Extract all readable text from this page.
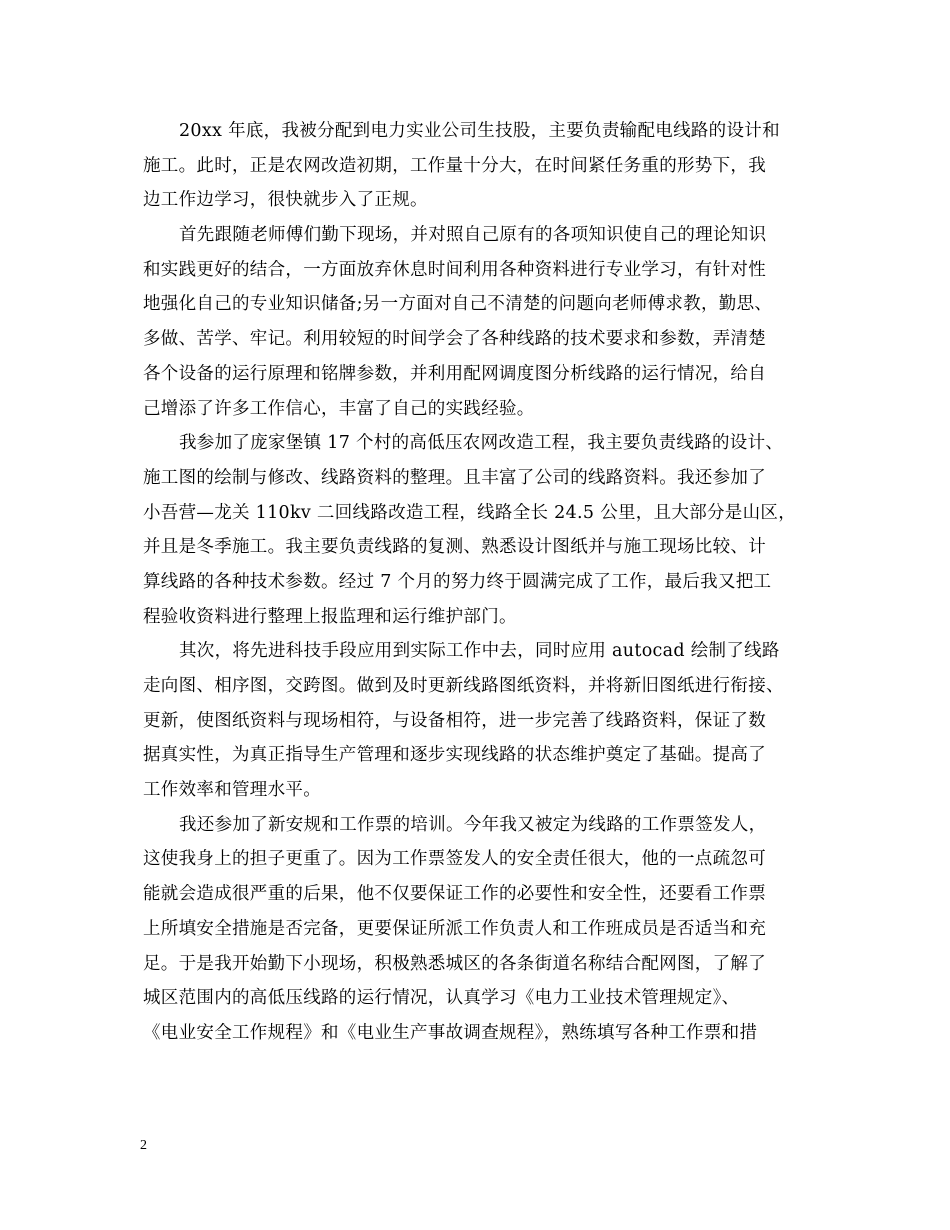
20xx 年底，我被分配到电力实业公司生技股，主要负责输配电线路的设计和
施工。此时，正是农网改造初期，工作量十分大，在时间紧任务重的形势下，我
边工作边学习，很快就步入了正规。
首先跟随老师傅们勤下现场，并对照自己原有的各项知识使自己的理论知识
和实践更好的结合，一方面放弃休息时间利用各种资料进行专业学习，有针对性
地强化自己的专业知识储备;另一方面对自己不清楚的问题向老师傅求教，勤思、
多做、苦学、牢记。利用较短的时间学会了各种线路的技术要求和参数，弄清楚
各个设备的运行原理和铭牌参数，并利用配网调度图分析线路的运行情况，给自
己增添了许多工作信心，丰富了自己的实践经验。
我参加了庞家堡镇 17 个村的高低压农网改造工程，我主要负责线路的设计、
施工图的绘制与修改、线路资料的整理。且丰富了公司的线路资料。我还参加了
小吾营—龙关 110kv 二回线路改造工程，线路全长 24.5 公里，且大部分是山区，
并且是冬季施工。我主要负责线路的复测、熟悉设计图纸并与施工现场比较、计
算线路的各种技术参数。经过 7 个月的努力终于圆满完成了工作，最后我又把工
程验收资料进行整理上报监理和运行维护部门。
其次，将先进科技手段应用到实际工作中去，同时应用 autocad 绘制了线路
走向图、相序图，交跨图。做到及时更新线路图纸资料，并将新旧图纸进行衔接、
更新，使图纸资料与现场相符，与设备相符，进一步完善了线路资料，保证了数
据真实性，为真正指导生产管理和逐步实现线路的状态维护奠定了基础。提高了
工作效率和管理水平。
我还参加了新安规和工作票的培训。今年我又被定为线路的工作票签发人，
这使我身上的担子更重了。因为工作票签发人的安全责任很大，他的一点疏忽可
能就会造成很严重的后果，他不仅要保证工作的必要性和安全性，还要看工作票
上所填安全措施是否完备，更要保证所派工作负责人和工作班成员是否适当和充
足。于是我开始勤下小现场，积极熟悉城区的各条街道名称结合配网图，了解了
城区范围内的高低压线路的运行情况，认真学习《电力工业技术管理规定》、
《电业安全工作规程》和《电业生产事故调查规程》，熟练填写各种工作票和措
2
